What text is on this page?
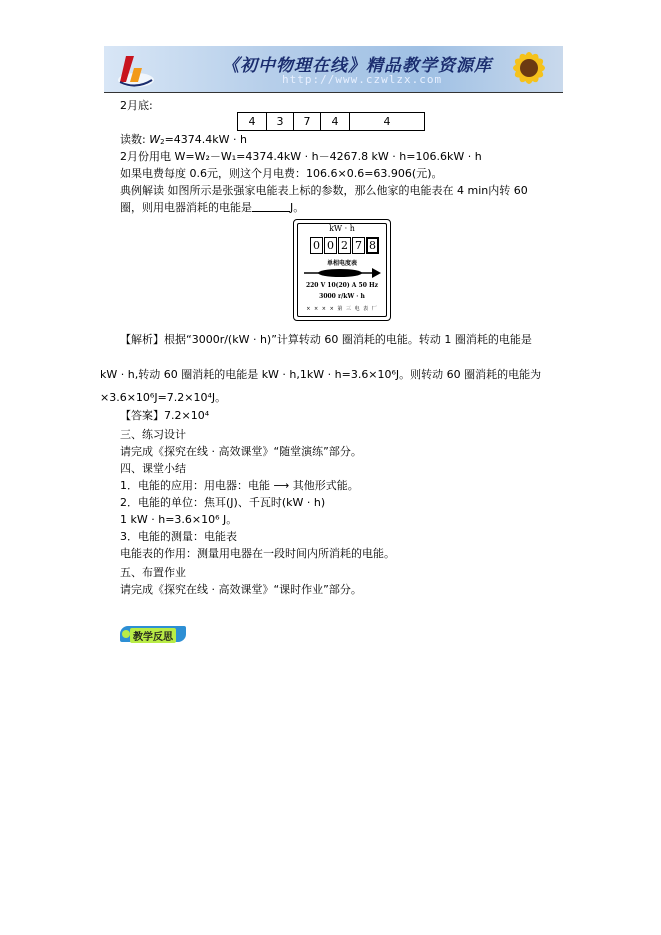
《初中物理在线》精品教学资源库
http://www.czwlzx.com
2月底:
4	3	7	4	4
读数: W2=4374.4kW · h
2月份用电 W=W₂－W₁=4374.4kW · h－4267.8 kW · h=106.6kW · h
如果电费每度 0.6元，则这个月电费：106.6×0.6=63.906(元)。
典例解读 如图所示是张强家电能表上标的参数，那么他家的电能表在 4 min内转 60
圈，则用电器消耗的电能是	J。
kW · h
0 0 2 7 8
单相电度表
220 V 10(20) A 50 Hz
3000 r/kW · h
× × × × 第 三 电 表 厂
【解析】根据“3000r/(kW · h)”计算转动 60 圈消耗的电能。转动 1 圈消耗的电能是
kW · h,转动 60 圈消耗的电能是 kW · h,1kW · h=3.6×10⁶J。则转动 60 圈消耗的电能为
×3.6×10⁶J=7.2×10⁴J。
【答案】7.2×10⁴
三、练习设计
请完成《探究在线 · 高效课堂》“随堂演练”部分。
四、课堂小结
1．电能的应用：用电器：电能 ⟶ 其他形式能。
2．电能的单位：焦耳(J)、千瓦时(kW · h)
1 kW · h=3.6×10⁶ J。
3．电能的测量：电能表
电能表的作用：测量用电器在一段时间内所消耗的电能。
五、布置作业
请完成《探究在线 · 高效课堂》“课时作业”部分。
教学反思
